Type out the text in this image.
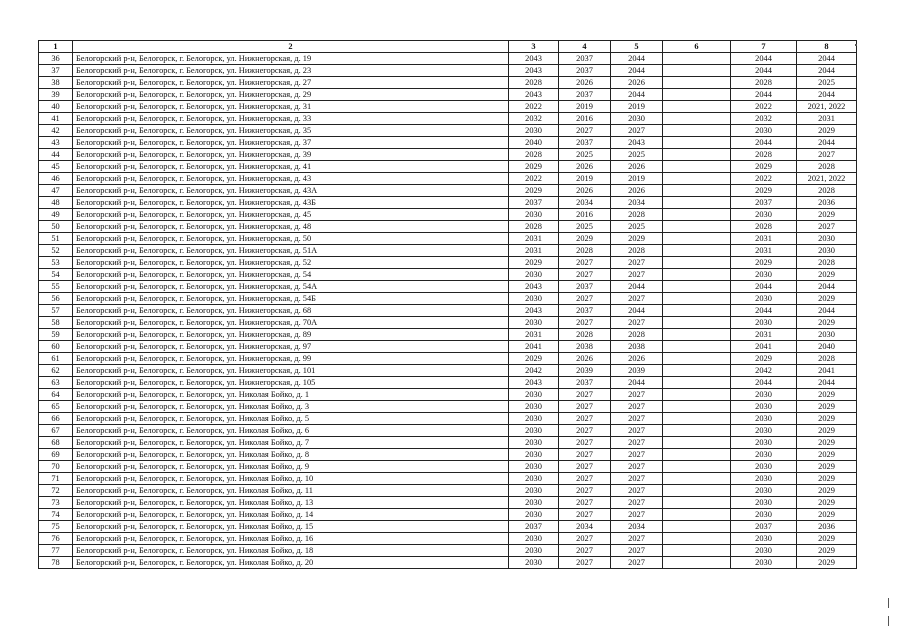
1	2	3	4	5	6	7	8
36	Белогорский р-н, Белогорск, г. Белогорск, ул. Нижнегорская, д. 19	2043	2037	2044		2044	2044
37	Белогорский р-н, Белогорск, г. Белогорск, ул. Нижнегорская, д. 23	2043	2037	2044		2044	2044
38	Белогорский р-н, Белогорск, г. Белогорск, ул. Нижнегорская, д. 27	2028	2026	2026		2028	2025
39	Белогорский р-н, Белогорск, г. Белогорск, ул. Нижнегорская, д. 29	2043	2037	2044		2044	2044
40	Белогорский р-н, Белогорск, г. Белогорск, ул. Нижнегорская, д. 31	2022	2019	2019		2022	2021, 2022
41	Белогорский р-н, Белогорск, г. Белогорск, ул. Нижнегорская, д. 33	2032	2016	2030		2032	2031
42	Белогорский р-н, Белогорск, г. Белогорск, ул. Нижнегорская, д. 35	2030	2027	2027		2030	2029
43	Белогорский р-н, Белогорск, г. Белогорск, ул. Нижнегорская, д. 37	2040	2037	2043		2044	2044
44	Белогорский р-н, Белогорск, г. Белогорск, ул. Нижнегорская, д. 39	2028	2025	2025		2028	2027
45	Белогорский р-н, Белогорск, г. Белогорск, ул. Нижнегорская, д. 41	2029	2026	2026		2029	2028
46	Белогорский р-н, Белогорск, г. Белогорск, ул. Нижнегорская, д. 43	2022	2019	2019		2022	2021, 2022
47	Белогорский р-н, Белогорск, г. Белогорск, ул. Нижнегорская, д. 43А	2029	2026	2026		2029	2028
48	Белогорский р-н, Белогорск, г. Белогорск, ул. Нижнегорская, д. 43Б	2037	2034	2034		2037	2036
49	Белогорский р-н, Белогорск, г. Белогорск, ул. Нижнегорская, д. 45	2030	2016	2028		2030	2029
50	Белогорский р-н, Белогорск, г. Белогорск, ул. Нижнегорская, д. 48	2028	2025	2025		2028	2027
51	Белогорский р-н, Белогорск, г. Белогорск, ул. Нижнегорская, д. 50	2031	2029	2029		2031	2030
52	Белогорский р-н, Белогорск, г. Белогорск, ул. Нижнегорская, д. 51А	2031	2028	2028		2031	2030
53	Белогорский р-н, Белогорск, г. Белогорск, ул. Нижнегорская, д. 52	2029	2027	2027		2029	2028
54	Белогорский р-н, Белогорск, г. Белогорск, ул. Нижнегорская, д. 54	2030	2027	2027		2030	2029
55	Белогорский р-н, Белогорск, г. Белогорск, ул. Нижнегорская, д. 54А	2043	2037	2044		2044	2044
56	Белогорский р-н, Белогорск, г. Белогорск, ул. Нижнегорская, д. 54Б	2030	2027	2027		2030	2029
57	Белогорский р-н, Белогорск, г. Белогорск, ул. Нижнегорская, д. 68	2043	2037	2044		2044	2044
58	Белогорский р-н, Белогорск, г. Белогорск, ул. Нижнегорская, д. 70А	2030	2027	2027		2030	2029
59	Белогорский р-н, Белогорск, г. Белогорск, ул. Нижнегорская, д. 89	2031	2028	2028		2031	2030
60	Белогорский р-н, Белогорск, г. Белогорск, ул. Нижнегорская, д. 97	2041	2038	2038		2041	2040
61	Белогорский р-н, Белогорск, г. Белогорск, ул. Нижнегорская, д. 99	2029	2026	2026		2029	2028
62	Белогорский р-н, Белогорск, г. Белогорск, ул. Нижнегорская, д. 101	2042	2039	2039		2042	2041
63	Белогорский р-н, Белогорск, г. Белогорск, ул. Нижнегорская, д. 105	2043	2037	2044		2044	2044
64	Белогорский р-н, Белогорск, г. Белогорск, ул. Николая Бойко, д. 1	2030	2027	2027		2030	2029
65	Белогорский р-н, Белогорск, г. Белогорск, ул. Николая Бойко, д. 3	2030	2027	2027		2030	2029
66	Белогорский р-н, Белогорск, г. Белогорск, ул. Николая Бойко, д. 5	2030	2027	2027		2030	2029
67	Белогорский р-н, Белогорск, г. Белогорск, ул. Николая Бойко, д. 6	2030	2027	2027		2030	2029
68	Белогорский р-н, Белогорск, г. Белогорск, ул. Николая Бойко, д. 7	2030	2027	2027		2030	2029
69	Белогорский р-н, Белогорск, г. Белогорск, ул. Николая Бойко, д. 8	2030	2027	2027		2030	2029
70	Белогорский р-н, Белогорск, г. Белогорск, ул. Николая Бойко, д. 9	2030	2027	2027		2030	2029
71	Белогорский р-н, Белогорск, г. Белогорск, ул. Николая Бойко, д. 10	2030	2027	2027		2030	2029
72	Белогорский р-н, Белогорск, г. Белогорск, ул. Николая Бойко, д. 11	2030	2027	2027		2030	2029
73	Белогорский р-н, Белогорск, г. Белогорск, ул. Николая Бойко, д. 13	2030	2027	2027		2030	2029
74	Белогорский р-н, Белогорск, г. Белогорск, ул. Николая Бойко, д. 14	2030	2027	2027		2030	2029
75	Белогорский р-н, Белогорск, г. Белогорск, ул. Николая Бойко, д. 15	2037	2034	2034		2037	2036
76	Белогорский р-н, Белогорск, г. Белогорск, ул. Николая Бойко, д. 16	2030	2027	2027		2030	2029
77	Белогорский р-н, Белогорск, г. Белогорск, ул. Николая Бойко, д. 18	2030	2027	2027		2030	2029
78	Белогорский р-н, Белогорск, г. Белогорск, ул. Николая Бойко, д. 20	2030	2027	2027		2030	2029
